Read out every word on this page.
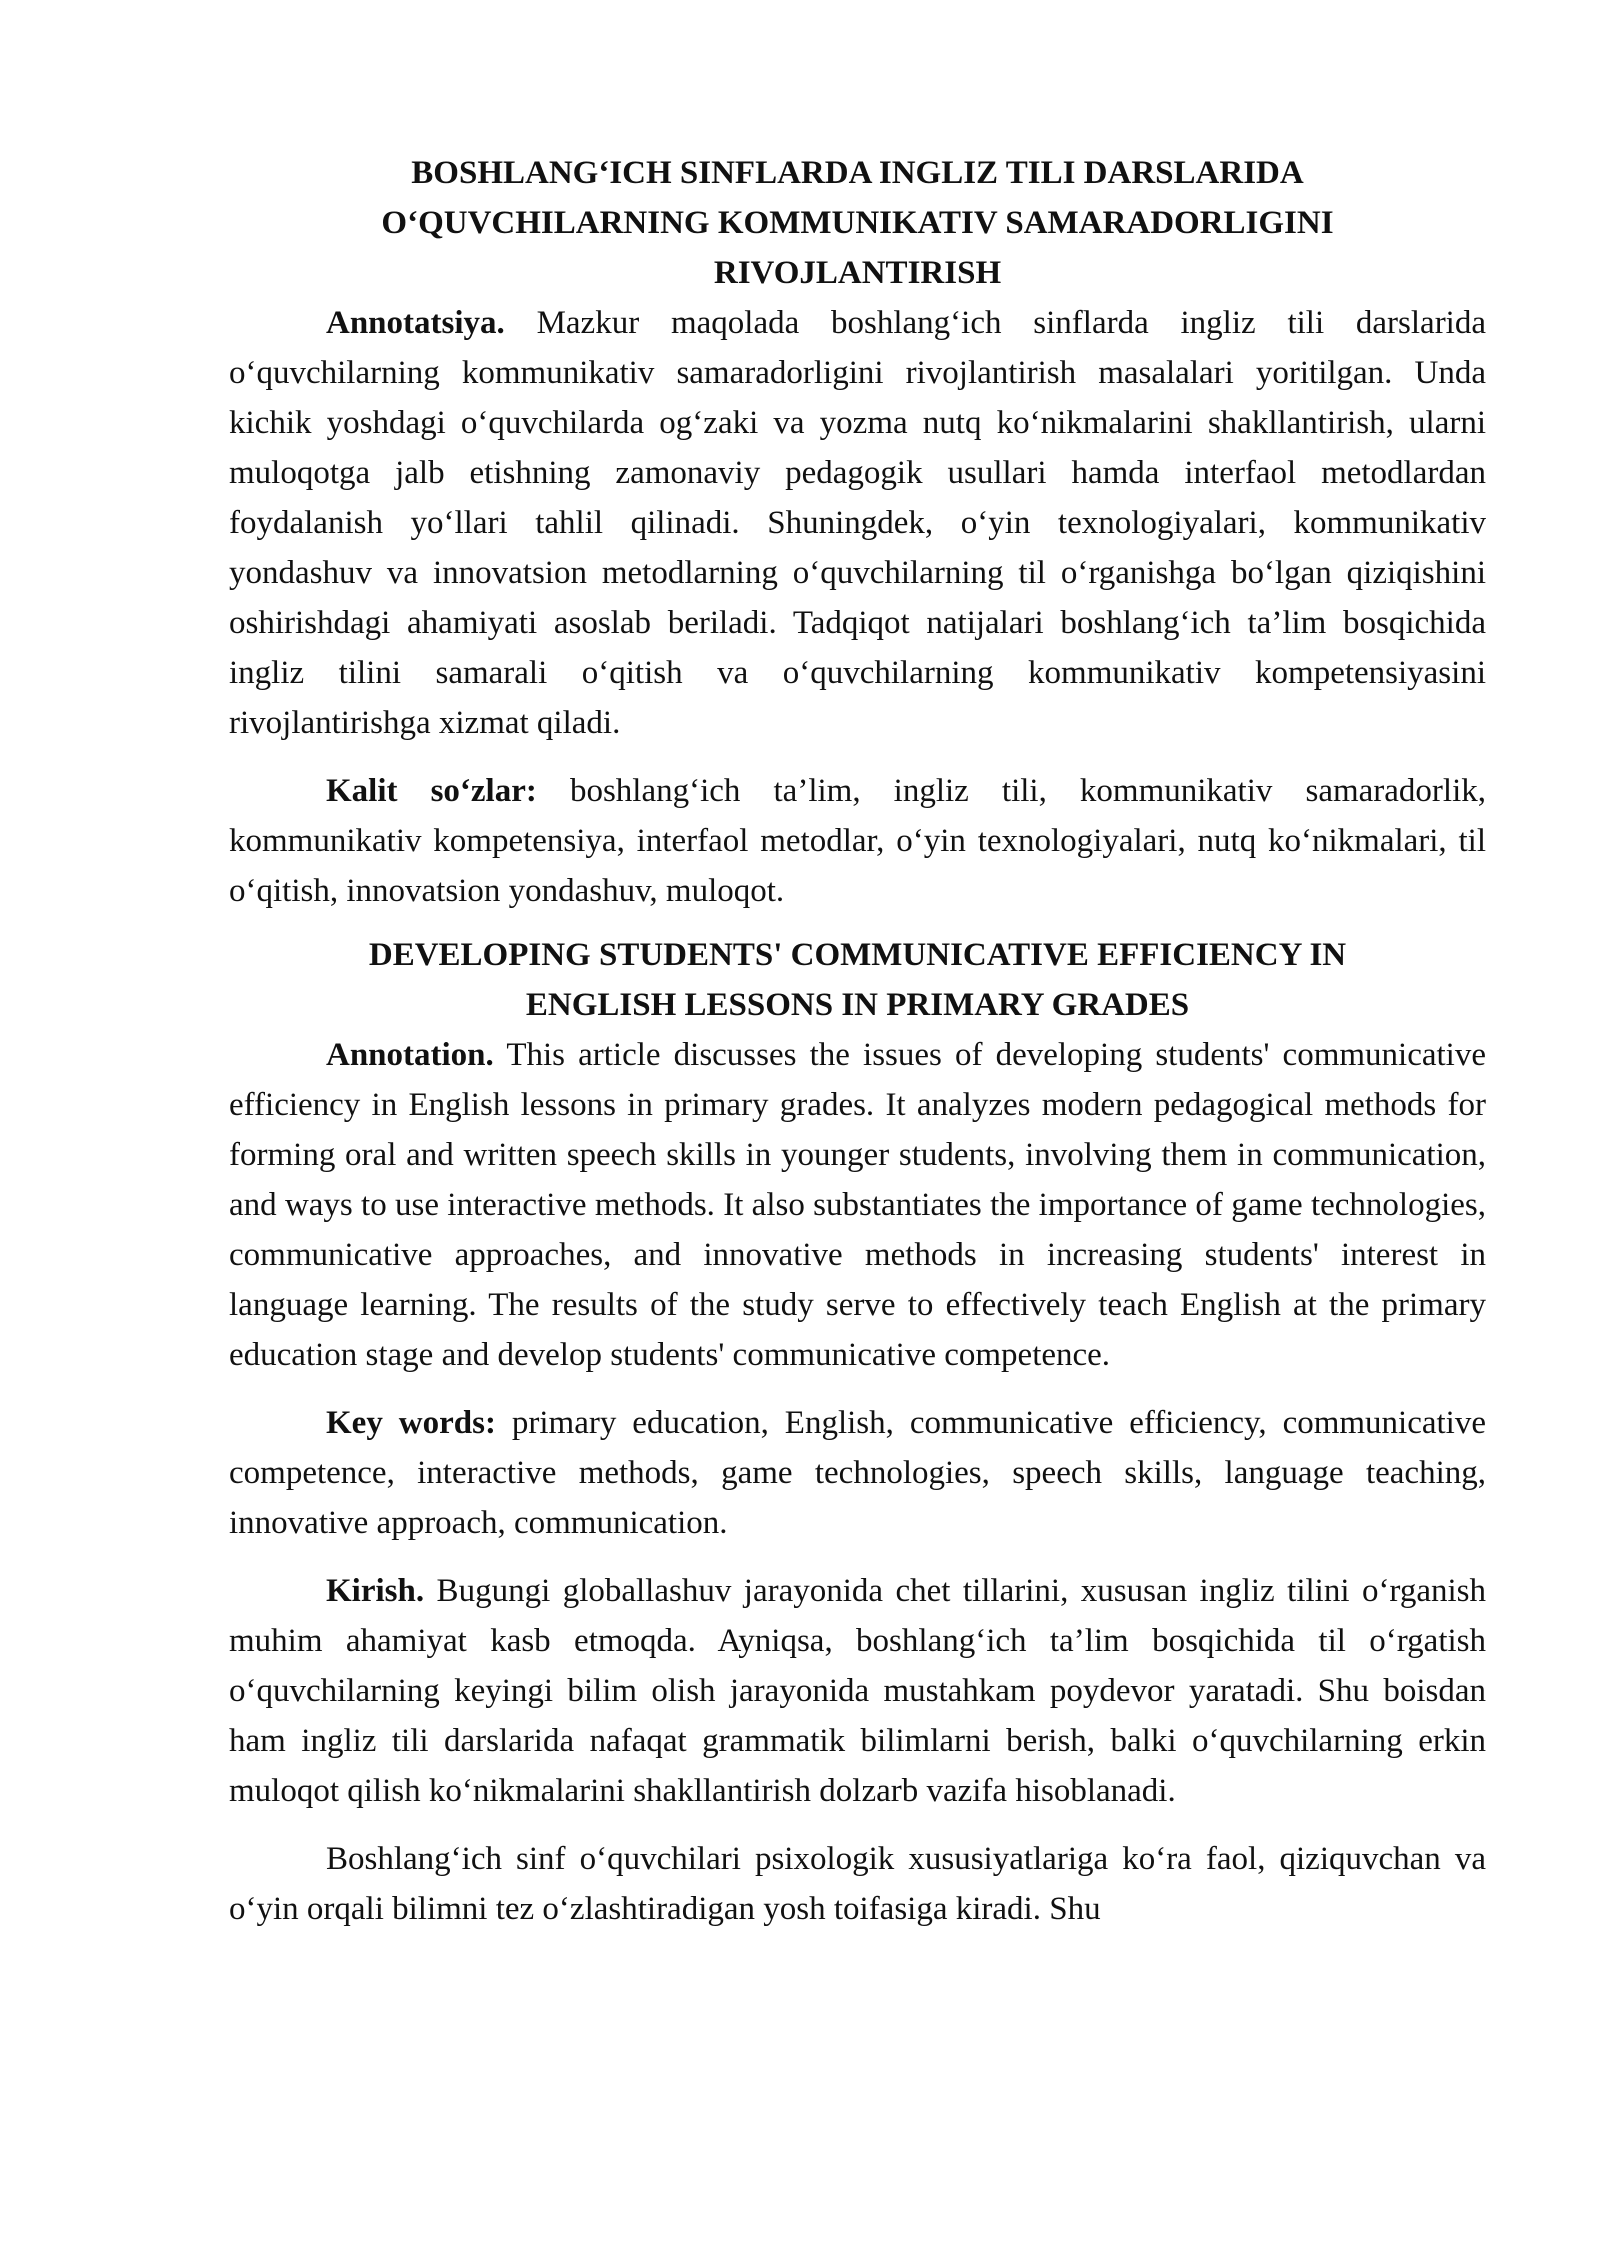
BOSHLANG‘ICH SINFLARDA INGLIZ TILI DARSLARIDA
O‘QUVCHILARNING KOMMUNIKATIV SAMARADORLIGINI
RIVOJLANTIRISH

Annotatsiya. Mazkur maqolada boshlang‘ich sinflarda ingliz tili darslarida o‘quvchilarning kommunikativ samaradorligini rivojlantirish masalalari yoritilgan. Unda kichik yoshdagi o‘quvchilarda og‘zaki va yozma nutq ko‘nikmalarini shakllantirish, ularni muloqotga jalb etishning zamonaviy pedagogik usullari hamda interfaol metodlardan foydalanish yo‘llari tahlil qilinadi. Shuningdek, o‘yin texnologiyalari, kommunikativ yondashuv va innovatsion metodlarning o‘quvchilarning til o‘rganishga bo‘lgan qiziqishini oshirishdagi ahamiyati asoslab beriladi. Tadqiqot natijalari boshlang‘ich ta’lim bosqichida ingliz tilini samarali o‘qitish va o‘quvchilarning kommunikativ kompetensiyasini rivojlantirishga xizmat qiladi.

Kalit so‘zlar: boshlang‘ich ta’lim, ingliz tili, kommunikativ samaradorlik, kommunikativ kompetensiya, interfaol metodlar, o‘yin texnologiyalari, nutq ko‘nikmalari, til o‘qitish, innovatsion yondashuv, muloqot.

DEVELOPING STUDENTS' COMMUNICATIVE EFFICIENCY IN
ENGLISH LESSONS IN PRIMARY GRADES

Annotation. This article discusses the issues of developing students' communicative efficiency in English lessons in primary grades. It analyzes modern pedagogical methods for forming oral and written speech skills in younger students, involving them in communication, and ways to use interactive methods. It also substantiates the importance of game technologies, communicative approaches, and innovative methods in increasing students' interest in language learning. The results of the study serve to effectively teach English at the primary education stage and develop students' communicative competence.

Key words: primary education, English, communicative efficiency, communicative competence, interactive methods, game technologies, speech skills, language teaching, innovative approach, communication.

Kirish. Bugungi globallashuv jarayonida chet tillarini, xususan ingliz tilini o‘rganish muhim ahamiyat kasb etmoqda. Ayniqsa, boshlang‘ich ta’lim bosqichida til o‘rgatish o‘quvchilarning keyingi bilim olish jarayonida mustahkam poydevor yaratadi. Shu boisdan ham ingliz tili darslarida nafaqat grammatik bilimlarni berish, balki o‘quvchilarning erkin muloqot qilish ko‘nikmalarini shakllantirish dolzarb vazifa hisoblanadi.

Boshlang‘ich sinf o‘quvchilari psixologik xususiyatlariga ko‘ra faol, qiziquvchan va o‘yin orqali bilimni tez o‘zlashtiradigan yosh toifasiga kiradi. Shu
